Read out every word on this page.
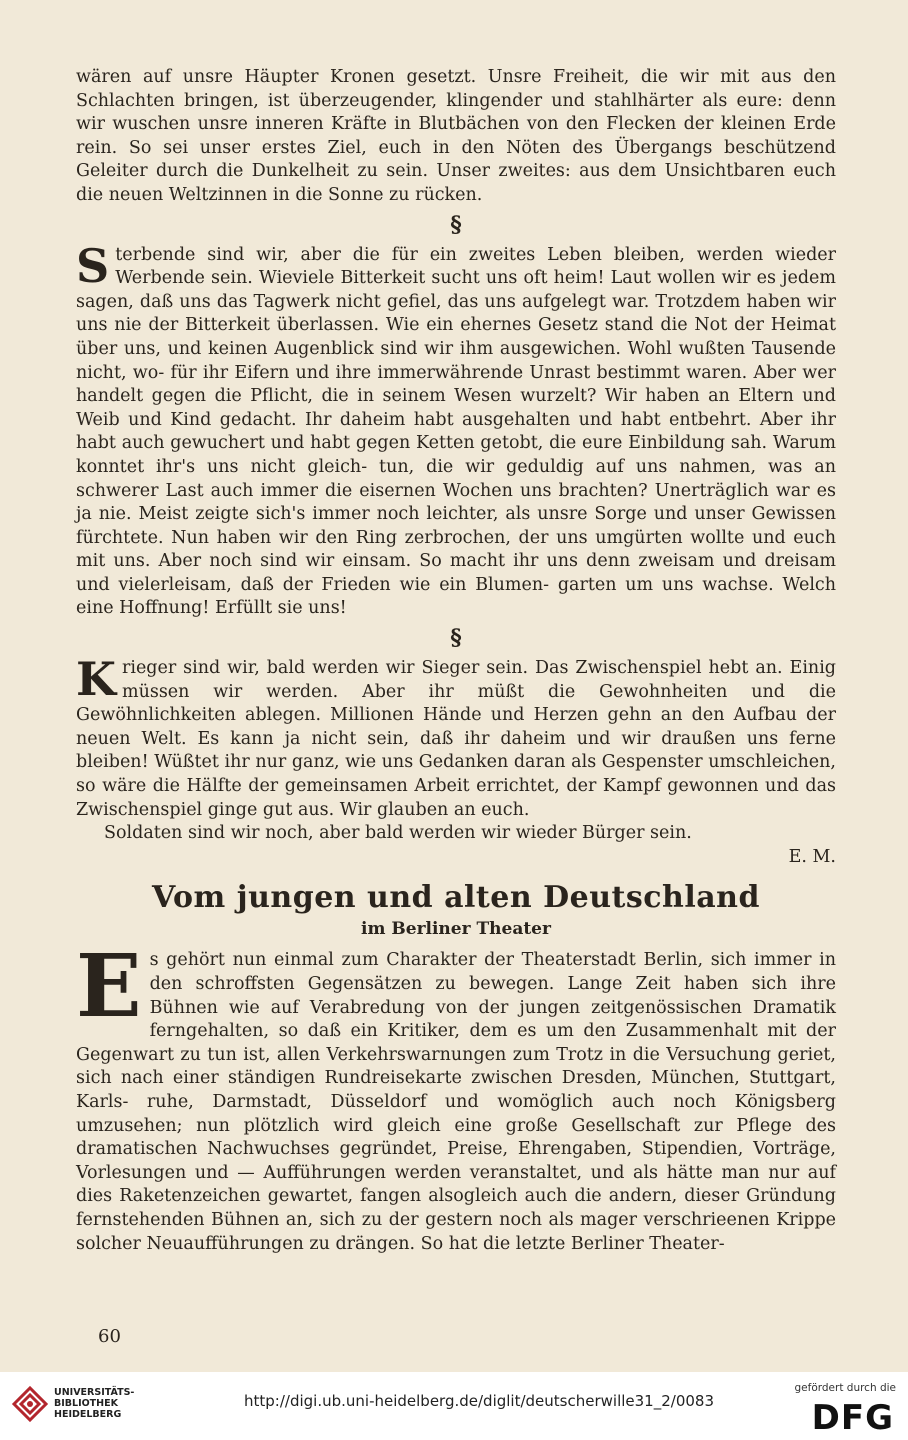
wären auf unsre Häupter Kronen gesetzt. Unsre Freiheit, die wir mit aus den Schlachten bringen, ist überzeugender, klingender und stahlhärter als eure: denn wir wuschen unsre inneren Kräfte in Blutbächen von den Flecken der kleinen Erde rein. So sei unser erstes Ziel, euch in den Nöten des Übergangs beschützend Geleiter durch die Dunkelheit zu sein. Unser zweites: aus dem Unsichtbaren euch die neuen Weltzinnen in die Sonne zu rücken.

§

Sterbende sind wir, aber die für ein zweites Leben bleiben, werden wieder Werbende sein. Wieviele Bitterkeit sucht uns oft heim! Laut wollen wir es jedem sagen, daß uns das Tagwerk nicht gefiel, das uns aufgelegt war. Trotzdem haben wir uns nie der Bitterkeit überlassen. Wie ein ehernes Gesetz stand die Not der Heimat über uns, und keinen Augenblick sind wir ihm ausgewichen. Wohl wußten Tausende nicht, wo- für ihr Eifern und ihre immerwährende Unrast bestimmt waren. Aber wer handelt gegen die Pflicht, die in seinem Wesen wurzelt? Wir haben an Eltern und Weib und Kind gedacht. Ihr daheim habt ausgehalten und habt entbehrt. Aber ihr habt auch gewuchert und habt gegen Ketten getobt, die eure Einbildung sah. Warum konntet ihr's uns nicht gleich- tun, die wir geduldig auf uns nahmen, was an schwerer Last auch immer die eisernen Wochen uns brachten? Unerträglich war es ja nie. Meist zeigte sich's immer noch leichter, als unsre Sorge und unser Gewissen fürchtete. Nun haben wir den Ring zerbrochen, der uns umgürten wollte und euch mit uns. Aber noch sind wir einsam. So macht ihr uns denn zweisam und dreisam und vielerleisam, daß der Frieden wie ein Blumen- garten um uns wachse. Welch eine Hoffnung! Erfüllt sie uns!

§

Krieger sind wir, bald werden wir Sieger sein. Das Zwischenspiel hebt an. Einig müssen wir werden. Aber ihr müßt die Gewohnheiten und die Gewöhnlichkeiten ablegen. Millionen Hände und Herzen gehn an den Aufbau der neuen Welt. Es kann ja nicht sein, daß ihr daheim und wir draußen uns ferne bleiben! Wüßtet ihr nur ganz, wie uns Gedanken daran als Gespenster umschleichen, so wäre die Hälfte der gemeinsamen Arbeit errichtet, der Kampf gewonnen und das Zwischenspiel ginge gut aus. Wir glauben an euch.

Soldaten sind wir noch, aber bald werden wir wieder Bürger sein.

E. M.

Vom jungen und alten Deutschland
im Berliner Theater

Es gehört nun einmal zum Charakter der Theaterstadt Berlin, sich immer in den schroffsten Gegensätzen zu bewegen. Lange Zeit haben sich ihre Bühnen wie auf Verabredung von der jungen zeitgenössischen Dramatik ferngehalten, so daß ein Kritiker, dem es um den Zusammenhalt mit der Gegenwart zu tun ist, allen Verkehrswarnungen zum Trotz in die Versuchung geriet, sich nach einer ständigen Rundreisekarte zwischen Dresden, München, Stuttgart, Karls- ruhe, Darmstadt, Düsseldorf und womöglich auch noch Königsberg umzusehen; nun plötzlich wird gleich eine große Gesellschaft zur Pflege des dramatischen Nachwuchses gegründet, Preise, Ehrengaben, Stipendien, Vorträge, Vorlesungen und — Aufführungen werden veranstaltet, und als hätte man nur auf dies Raketenzeichen gewartet, fangen alsogleich auch die andern, dieser Gründung fernstehenden Bühnen an, sich zu der gestern noch als mager verschrieenen Krippe solcher Neuaufführungen zu drängen. So hat die letzte Berliner Theater-

60
UNIVERSITÄTS-
BIBLIOTHEK
HEIDELBERG
http://digi.ub.uni-heidelberg.de/diglit/deutscherwille31_2/0083
gefördert durch die
DFG
